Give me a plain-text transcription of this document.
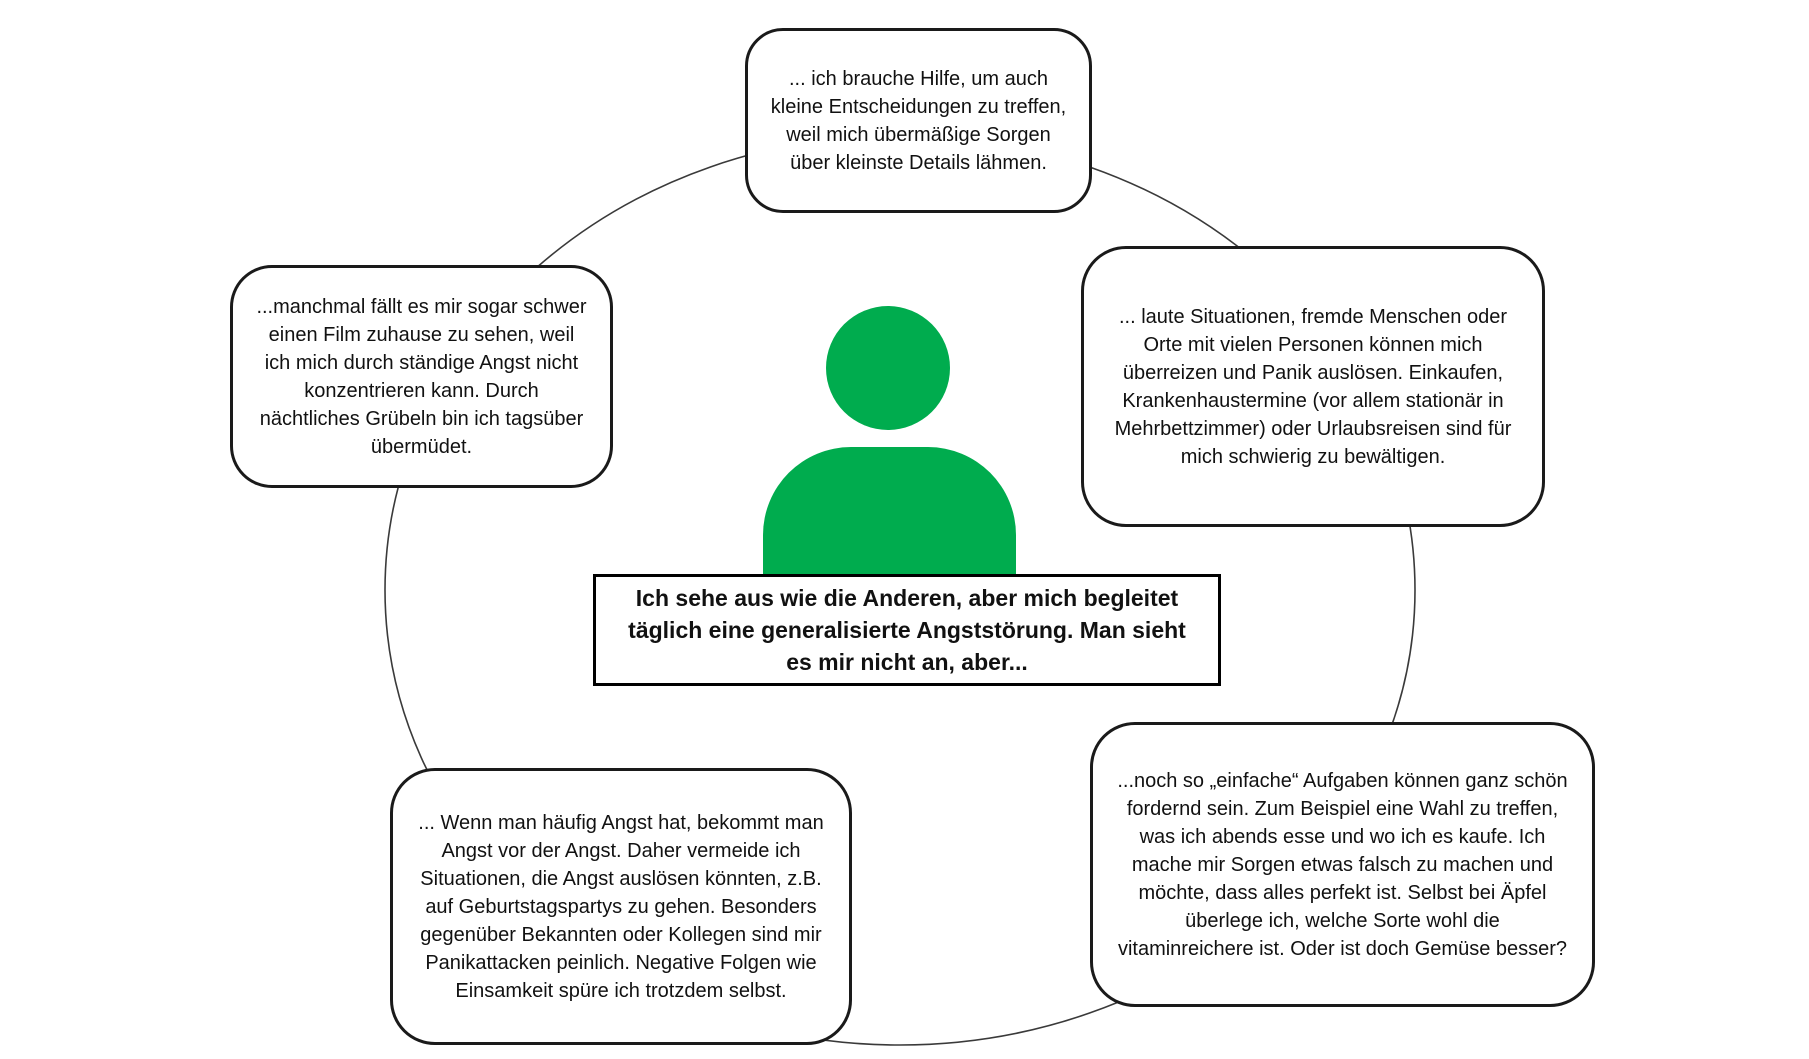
... ich brauche Hilfe, um auch kleine Entscheidungen zu treffen, weil mich übermäßige Sorgen über kleinste Details lähmen.
...manchmal fällt es mir sogar schwer einen Film zuhause zu sehen, weil ich mich durch ständige Angst nicht konzentrieren kann. Durch nächtliches Grübeln bin ich tagsüber übermüdet.
... laute Situationen, fremde Menschen oder Orte mit vielen Personen können mich überreizen und Panik auslösen. Einkaufen, Krankenhaustermine (vor allem stationär in Mehrbettzimmer) oder Urlaubsreisen sind für mich schwierig zu bewältigen.
... Wenn man häufig Angst hat, bekommt man Angst vor der Angst. Daher vermeide ich Situationen, die Angst auslösen könnten, z.B. auf Geburtstagspartys zu gehen. Besonders gegenüber Bekannten oder Kollegen sind mir Panikattacken peinlich. Negative Folgen wie Einsamkeit spüre ich trotzdem selbst.
...noch so „einfache“ Aufgaben können ganz schön fordernd sein. Zum Beispiel eine Wahl zu treffen, was ich abends esse und wo ich es kaufe. Ich mache mir Sorgen etwas falsch zu machen und möchte, dass alles perfekt ist. Selbst bei Äpfel überlege ich, welche Sorte wohl die vitaminreichere ist. Oder ist doch Gemüse besser?
Ich sehe aus wie die Anderen, aber mich begleitet täglich eine generalisierte Angststörung. Man sieht es mir nicht an, aber...
